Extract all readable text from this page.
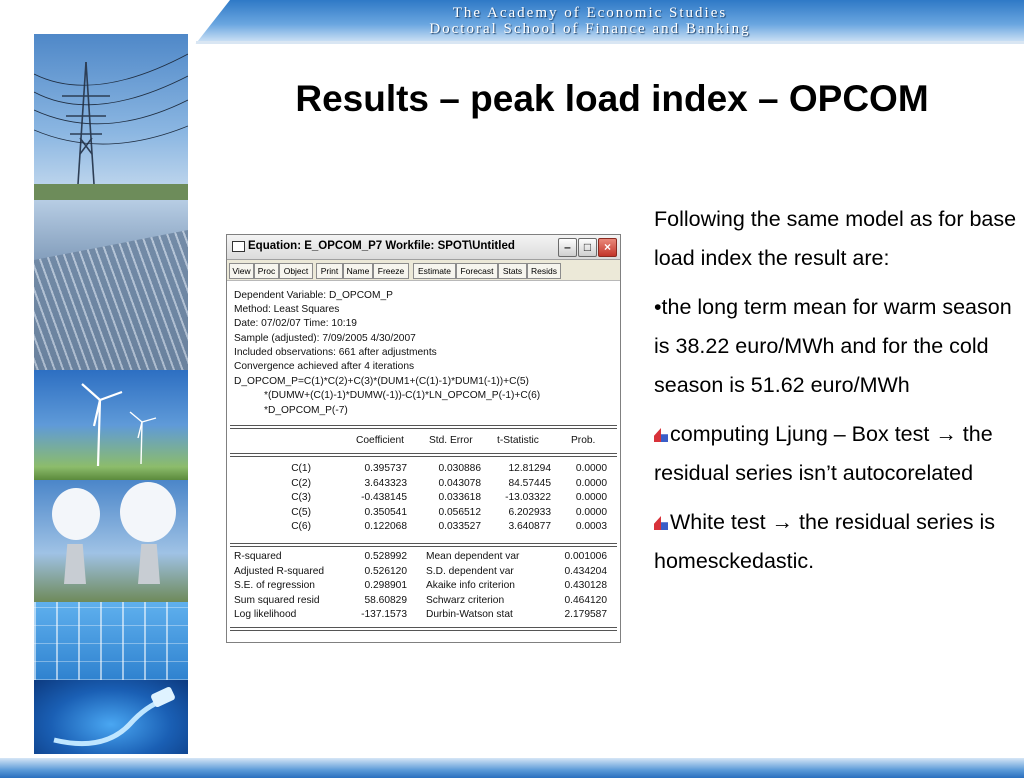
The Academy of Economic Studies
Doctoral School of Finance and Banking
Results – peak load index – OPCOM
Equation: E_OPCOM_P7 Workfile: SPOT\Untitled	–	□	×
View Proc Object	Print Name Freeze	Estimate	Forecast	Stats	Resids
Dependent Variable: D_OPCOM_P
Method: Least Squares
Date: 07/02/07 Time: 10:19
Sample (adjusted): 7/09/2005 4/30/2007
Included observations: 661 after adjustments
Convergence achieved after 4 iterations
D_OPCOM_P=C(1)*C(2)+C(3)*(DUM1+(C(1)-1)*DUM1(-1))+C(5)
*(DUMW+(C(1)-1)*DUMW(-1))-C(1)*LN_OPCOM_P(-1)+C(6)
*D_OPCOM_P(-7)
Coefficient Std. Error t-Statistic	Prob.
C(1)	0.395737	0.030886	12.81294	0.0000
C(2)	3.643323	0.043078	84.57445	0.0000
C(3)	-0.438145	0.033618	-13.03322	0.0000
C(5)	0.350541	0.056512	6.202933	0.0000
C(6)	0.122068	0.033527	3.640877	0.0003
R-squared	0.528992 Mean dependent var	0.001006
Adjusted R-squared	0.526120 S.D. dependent var	0.434204
S.E. of regression	0.298901 Akaike info criterion	0.430128
Sum squared resid	58.60829 Schwarz criterion	0.464120
Log likelihood	-137.1573 Durbin-Watson stat	2.179587

Following the same model as for base load index the result are:

•the long term mean for warm season is 38.22 euro/MWh and for the cold season is 51.62 euro/MWh

computing Ljung – Box test → the residual series isn’t autocorelated

White test → the residual series is homesckedastic.
